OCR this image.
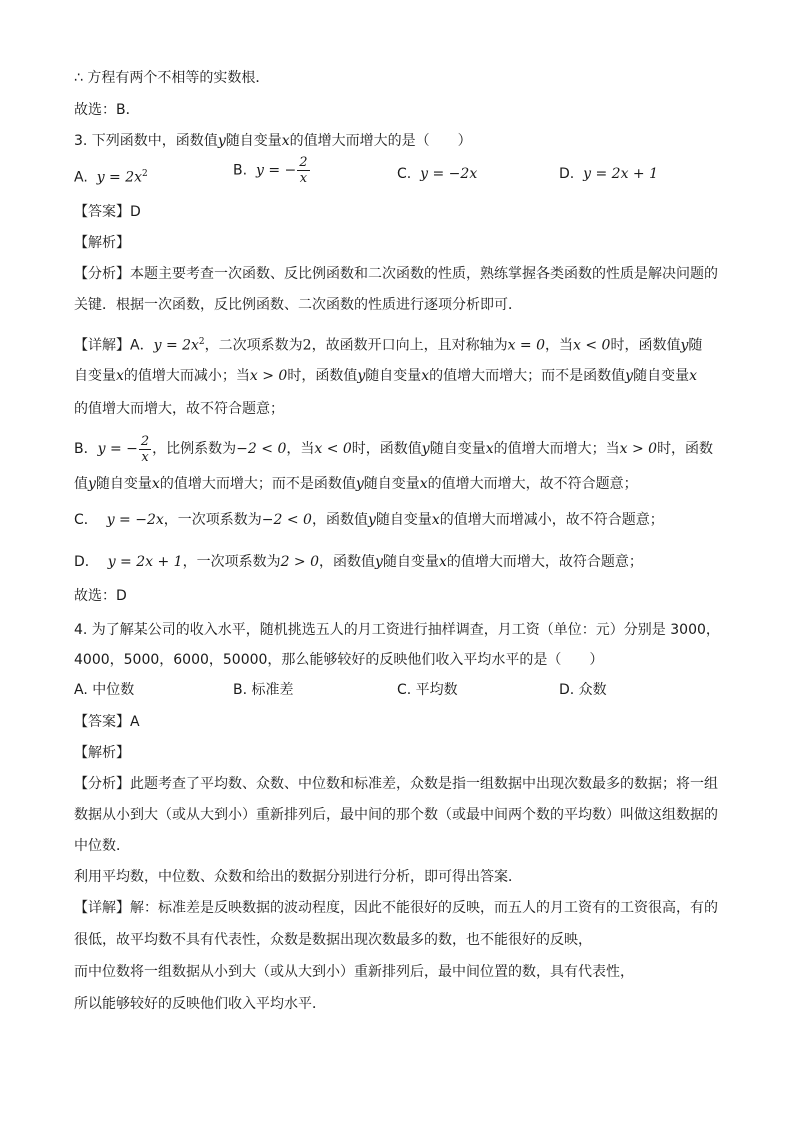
∴ 方程有两个不相等的实数根．
故选：B．
3. 下列函数中，函数值y随自变量x的值增大而增大的是（　　）
A. $y = 2x^2$	B. y = − $\frac{2}{x}$	C. y = −2x	D. y = 2x + 1
【答案】D
【解析】
【分析】本题主要考查一次函数、反比例函数和二次函数的性质，熟练掌握各类函数的性质是解决问题的
关键．根据一次函数，反比例函数、二次函数的性质进行逐项分析即可．
【详解】A．$y = 2x^2$，二次项系数为2，故函数开口向上，且对称轴为x = 0，当x < 0时，函数值y随
自变量x的值增大而减小；当x > 0时，函数值y随自变量x的值增大而增大；而不是函数值y随自变量x
的值增大而增大，故不符合题意；
B．y = − $\frac{2}{x}$ ，比例系数为−2 < 0，当x < 0时，函数值y随自变量x的值增大而增大；当x > 0时，函数
值y随自变量x的值增大而增大；而不是函数值y随自变量x的值增大而增大，故不符合题意；
C． y = −2x，一次项系数为−2 < 0，函数值y随自变量x的值增大而增减小，故不符合题意；
D． y = 2x + 1，一次项系数为2 > 0，函数值y随自变量x的值增大而增大，故符合题意；
故选：D
4. 为了解某公司的收入水平，随机挑选五人的月工资进行抽样调查，月工资（单位：元）分别是 3000，
4000，5000，6000，50000，那么能够较好的反映他们收入平均水平的是（　　）
A. 中位数	B. 标准差	C. 平均数	D. 众数
【答案】A
【解析】
【分析】此题考查了平均数、众数、中位数和标准差，众数是指一组数据中出现次数最多的数据；将一组
数据从小到大（或从大到小）重新排列后，最中间的那个数（或最中间两个数的平均数）叫做这组数据的
中位数．
利用平均数，中位数、众数和给出的数据分别进行分析，即可得出答案．
【详解】解：标准差是反映数据的波动程度，因此不能很好的反映，而五人的月工资有的工资很高，有的
很低，故平均数不具有代表性，众数是数据出现次数最多的数，也不能很好的反映，
而中位数将一组数据从小到大（或从大到小）重新排列后，最中间位置的数，具有代表性，
所以能够较好的反映他们收入平均水平．
